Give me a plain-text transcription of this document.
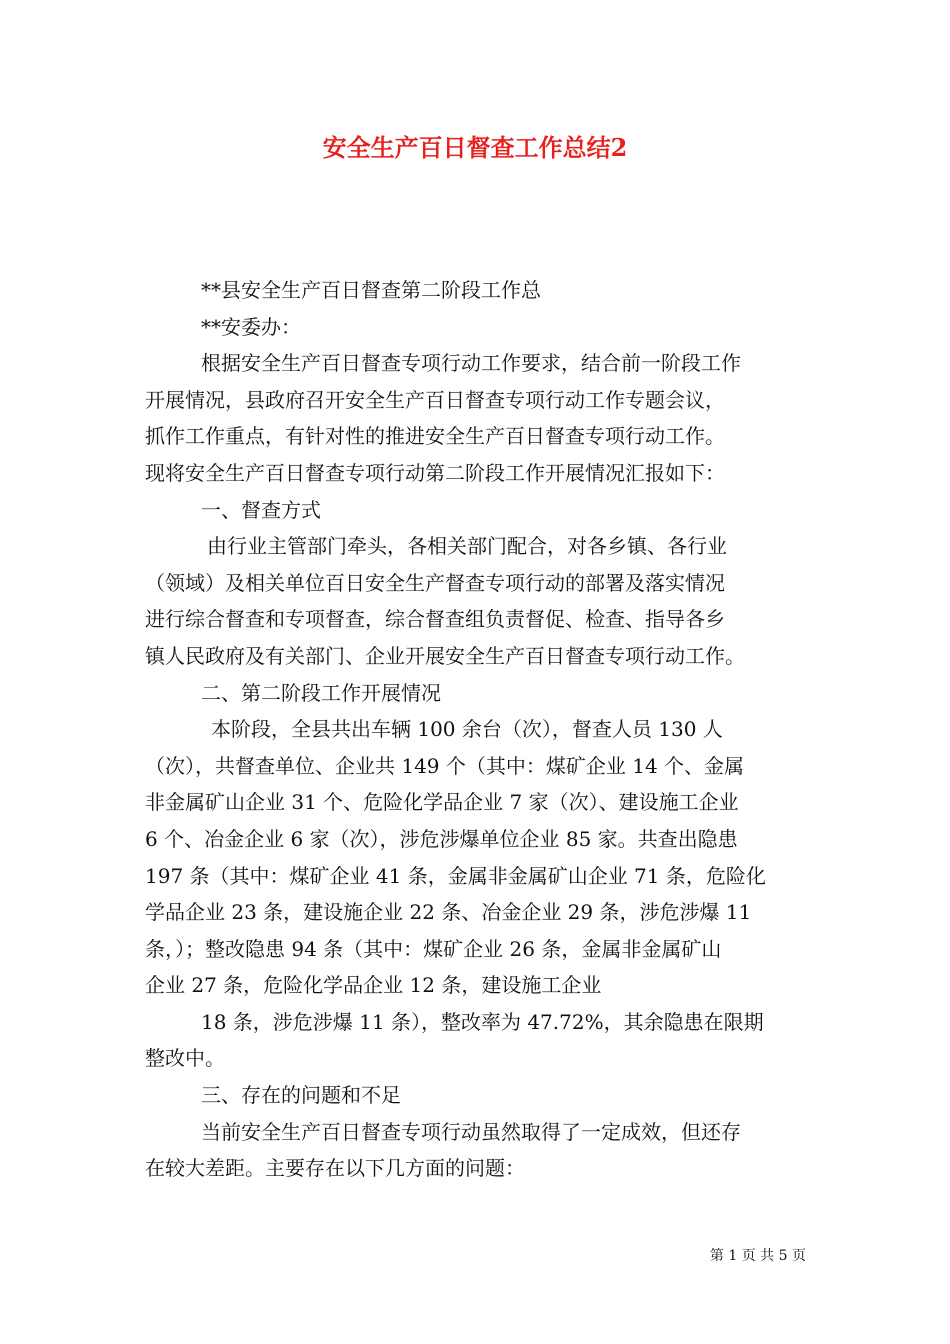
安全生产百日督查工作总结2

**县安全生产百日督查第二阶段工作总

**安委办：

根据安全生产百日督查专项行动工作要求，结合前一阶段工作

开展情况，县政府召开安全生产百日督查专项行动工作专题会议，

抓作工作重点，有针对性的推进安全生产百日督查专项行动工作。

现将安全生产百日督查专项行动第二阶段工作开展情况汇报如下：

一、督查方式

由行业主管部门牵头，各相关部门配合，对各乡镇、各行业

（领域）及相关单位百日安全生产督查专项行动的部署及落实情况

进行综合督查和专项督查，综合督查组负责督促、检查、指导各乡

镇人民政府及有关部门、企业开展安全生产百日督查专项行动工作。

二、第二阶段工作开展情况

本阶段，全县共出车辆 100 余台（次），督查人员 130 人

（次），共督查单位、企业共 149 个（其中：煤矿企业 14 个、金属

非金属矿山企业 31 个、危险化学品企业 7 家（次）、建设施工企业

6 个、冶金企业 6 家（次），涉危涉爆单位企业 85 家。共查出隐患

197 条（其中：煤矿企业 41 条，金属非金属矿山企业 71 条，危险化

学品企业 23 条，建设施企业 22 条、冶金企业 29 条，涉危涉爆 11

条，）；整改隐患 94 条（其中：煤矿企业 26 条，金属非金属矿山

企业 27 条，危险化学品企业 12 条，建设施工企业

18 条，涉危涉爆 11 条），整改率为 47.72%，其余隐患在限期

整改中。

三、存在的问题和不足

当前安全生产百日督查专项行动虽然取得了一定成效，但还存

在较大差距。主要存在以下几方面的问题：

第 1 页 共 5 页
